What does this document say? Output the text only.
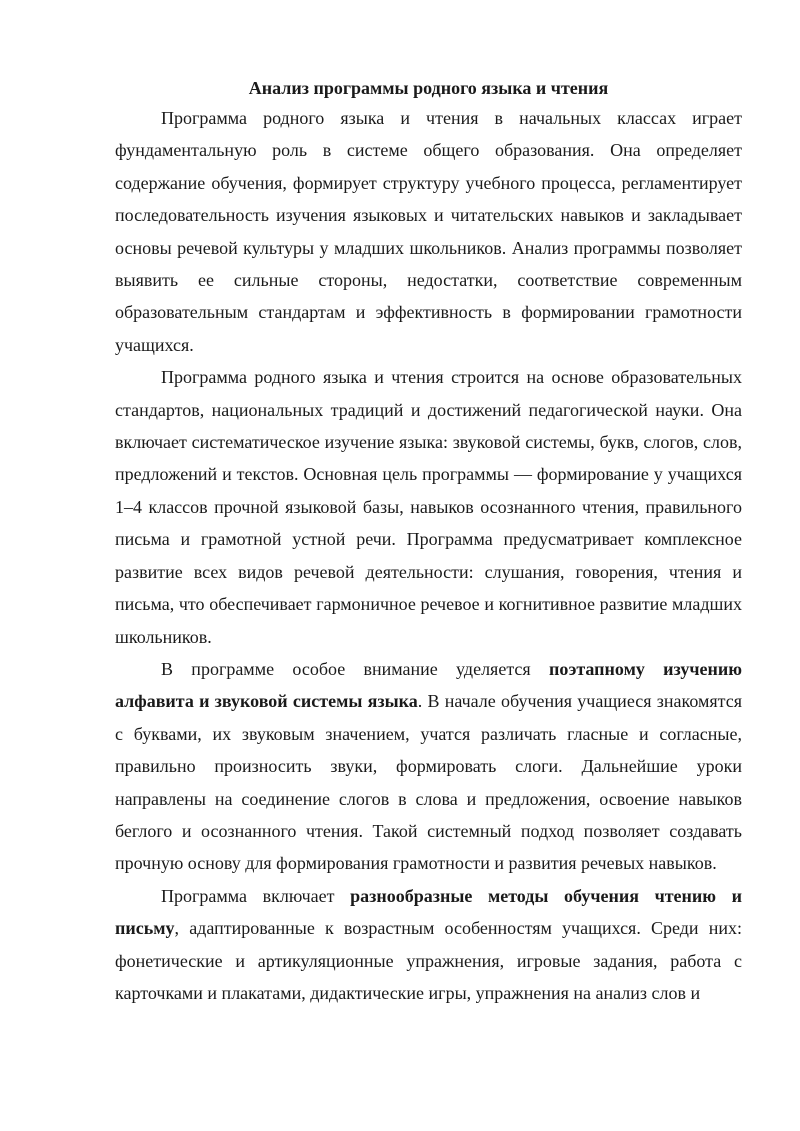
Анализ программы родного языка и чтения

Программа родного языка и чтения в начальных классах играет фундаментальную роль в системе общего образования. Она определяет содержание обучения, формирует структуру учебного процесса, регламентирует последовательность изучения языковых и читательских навыков и закладывает основы речевой культуры у младших школьников. Анализ программы позволяет выявить ее сильные стороны, недостатки, соответствие современным образовательным стандартам и эффективность в формировании грамотности учащихся.

Программа родного языка и чтения строится на основе образовательных стандартов, национальных традиций и достижений педагогической науки. Она включает систематическое изучение языка: звуковой системы, букв, слогов, слов, предложений и текстов. Основная цель программы — формирование у учащихся 1–4 классов прочной языковой базы, навыков осознанного чтения, правильного письма и грамотной устной речи. Программа предусматривает комплексное развитие всех видов речевой деятельности: слушания, говорения, чтения и письма, что обеспечивает гармоничное речевое и когнитивное развитие младших школьников.

В программе особое внимание уделяется поэтапному изучению алфавита и звуковой системы языка. В начале обучения учащиеся знакомятся с буквами, их звуковым значением, учатся различать гласные и согласные, правильно произносить звуки, формировать слоги. Дальнейшие уроки направлены на соединение слогов в слова и предложения, освоение навыков беглого и осознанного чтения. Такой системный подход позволяет создавать прочную основу для формирования грамотности и развития речевых навыков.

Программа включает разнообразные методы обучения чтению и письму, адаптированные к возрастным особенностям учащихся. Среди них: фонетические и артикуляционные упражнения, игровые задания, работа с карточками и плакатами, дидактические игры, упражнения на анализ слов и
